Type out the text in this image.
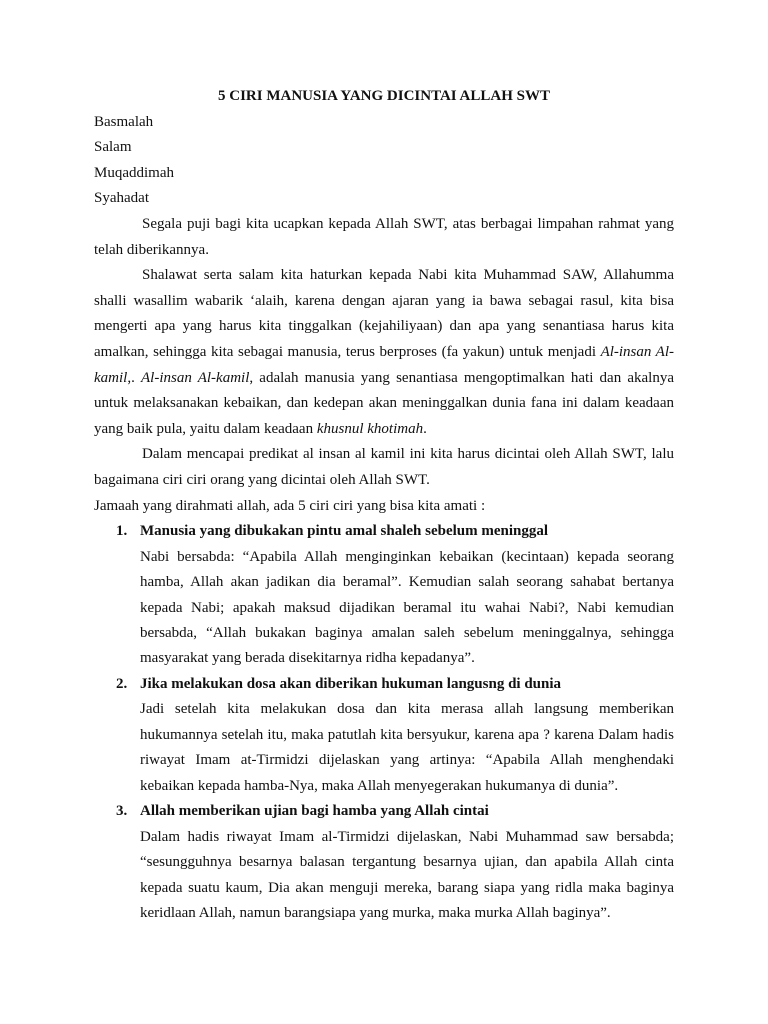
5 CIRI MANUSIA YANG DICINTAI ALLAH SWT
Basmalah
Salam
Muqaddimah
Syahadat

Segala puji bagi kita ucapkan kepada Allah SWT, atas berbagai limpahan rahmat yang telah diberikannya.

Shalawat serta salam kita haturkan kepada Nabi kita Muhammad SAW, Allahumma shalli wasallim wabarik ‘alaih, karena dengan ajaran yang ia bawa sebagai rasul, kita bisa mengerti apa yang harus kita tinggalkan (kejahiliyaan) dan apa yang senantiasa harus kita amalkan, sehingga kita sebagai manusia, terus berproses (fa yakun) untuk menjadi Al-insan Al-kamil,. Al-insan Al-kamil, adalah manusia yang senantiasa mengoptimalkan hati dan akalnya untuk melaksanakan kebaikan, dan kedepan akan meninggalkan dunia fana ini dalam keadaan yang baik pula, yaitu dalam keadaan khusnul khotimah.

Dalam mencapai predikat al insan al kamil ini kita harus dicintai oleh Allah SWT, lalu bagaimana ciri ciri orang yang dicintai oleh Allah SWT.

Jamaah yang dirahmati allah, ada 5 ciri ciri yang bisa kita amati :

1. Manusia yang dibukakan pintu amal shaleh sebelum meninggal
Nabi bersabda: “Apabila Allah menginginkan kebaikan (kecintaan) kepada seorang hamba, Allah akan jadikan dia beramal”. Kemudian salah seorang sahabat bertanya kepada Nabi; apakah maksud dijadikan beramal itu wahai Nabi?, Nabi kemudian bersabda, “Allah bukakan baginya amalan saleh sebelum meninggalnya, sehingga masyarakat yang berada disekitarnya ridha kepadanya”.
2. Jika melakukan dosa akan diberikan hukuman langusng di dunia
Jadi setelah kita melakukan dosa dan kita merasa allah langsung memberikan hukumannya setelah itu, maka patutlah kita bersyukur, karena apa ? karena Dalam hadis riwayat Imam at-Tirmidzi dijelaskan yang artinya: “Apabila Allah menghendaki kebaikan kepada hamba-Nya, maka Allah menyegerakan hukumanya di dunia”.
3. Allah memberikan ujian bagi hamba yang Allah cintai
Dalam hadis riwayat Imam al-Tirmidzi dijelaskan, Nabi Muhammad saw bersabda; “sesungguhnya besarnya balasan tergantung besarnya ujian, dan apabila Allah cinta kepada suatu kaum, Dia akan menguji mereka, barang siapa yang ridla maka baginya keridlaan Allah, namun barangsiapa yang murka, maka murka Allah baginya”.
